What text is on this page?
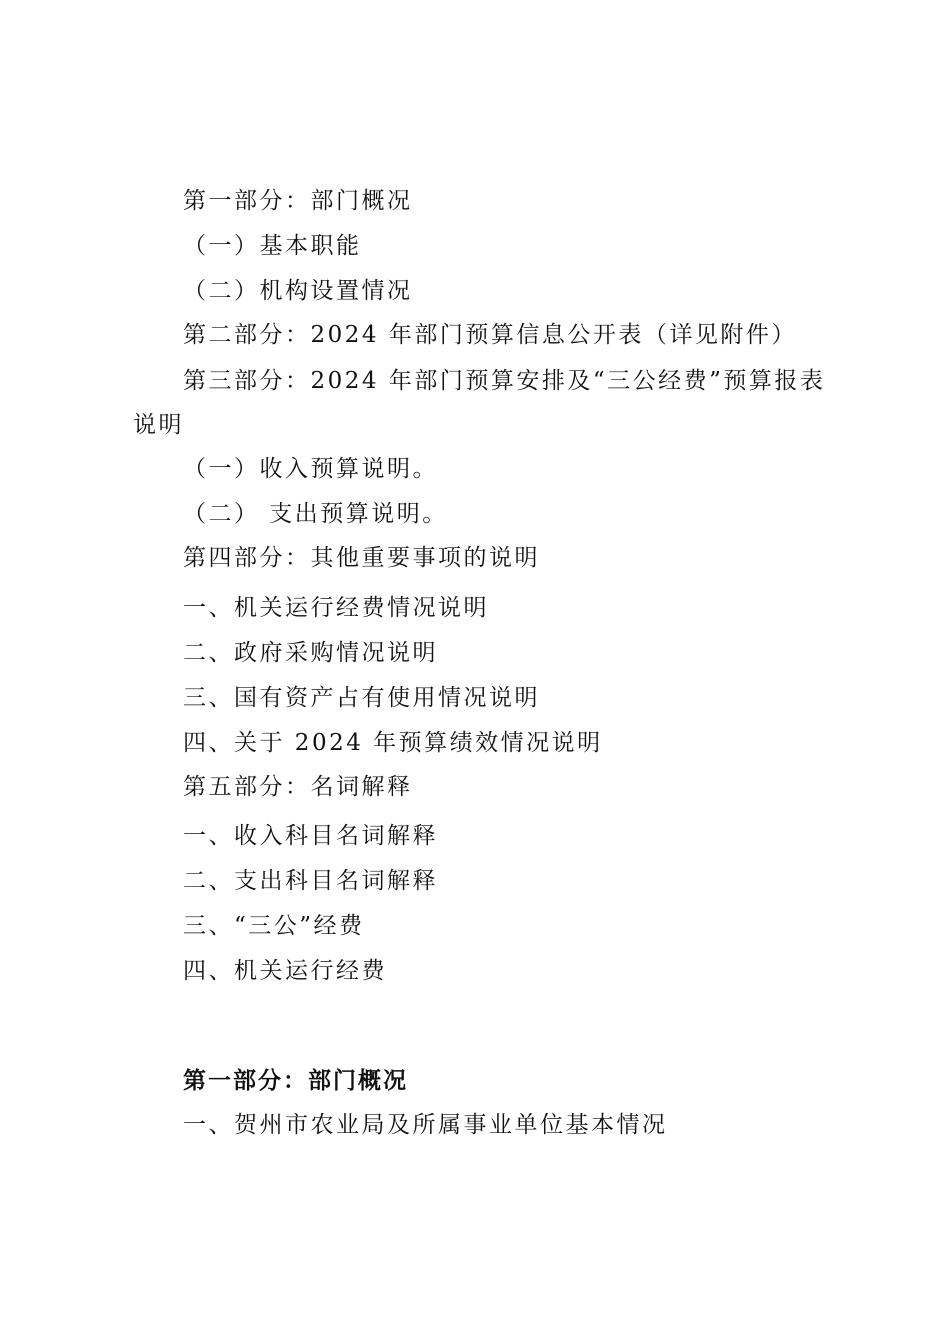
第一部分：部门概况
（一）基本职能
（二）机构设置情况
第二部分：2024 年部门预算信息公开表（详见附件）
第三部分：2024 年部门预算安排及“三公经费”预算报表
说明
（一）收入预算说明。
（二） 支出预算说明。
第四部分：其他重要事项的说明
一、机关运行经费情况说明
二、政府采购情况说明
三、国有资产占有使用情况说明
四、关于 2024 年预算绩效情况说明
第五部分：名词解释
一、收入科目名词解释
二、支出科目名词解释
三、“三公”经费
四、机关运行经费
第一部分：部门概况
一、贺州市农业局及所属事业单位基本情况
